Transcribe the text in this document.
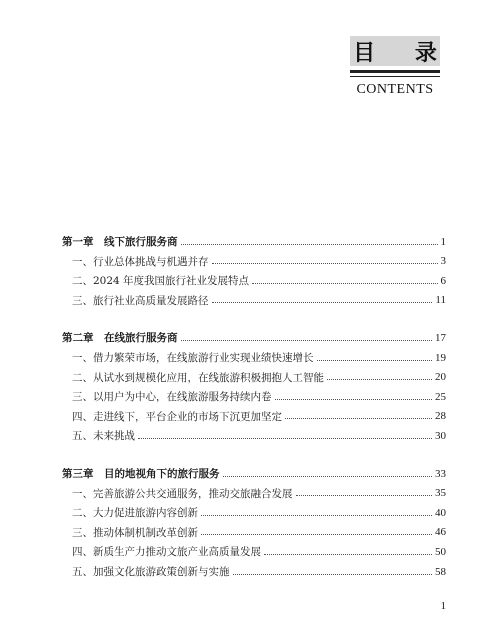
目 录
CONTENTS
第一章　线下旅行服务商	1
一、行业总体挑战与机遇并存	3
二、2024 年度我国旅行社业发展特点	6
三、旅行社业高质量发展路径	11
第二章　在线旅行服务商	17
一、借力繁荣市场，在线旅游行业实现业绩快速增长	19
二、从试水到规模化应用，在线旅游积极拥抱人工智能	20
三、以用户为中心，在线旅游服务持续内卷	25
四、走进线下，平台企业的市场下沉更加坚定	28
五、未来挑战	30
第三章　目的地视角下的旅行服务	33
一、完善旅游公共交通服务，推动交旅融合发展	35
二、大力促进旅游内容创新	40
三、推动体制机制改革创新	46
四、新质生产力推动文旅产业高质量发展	50
五、加强文化旅游政策创新与实施	58
1
